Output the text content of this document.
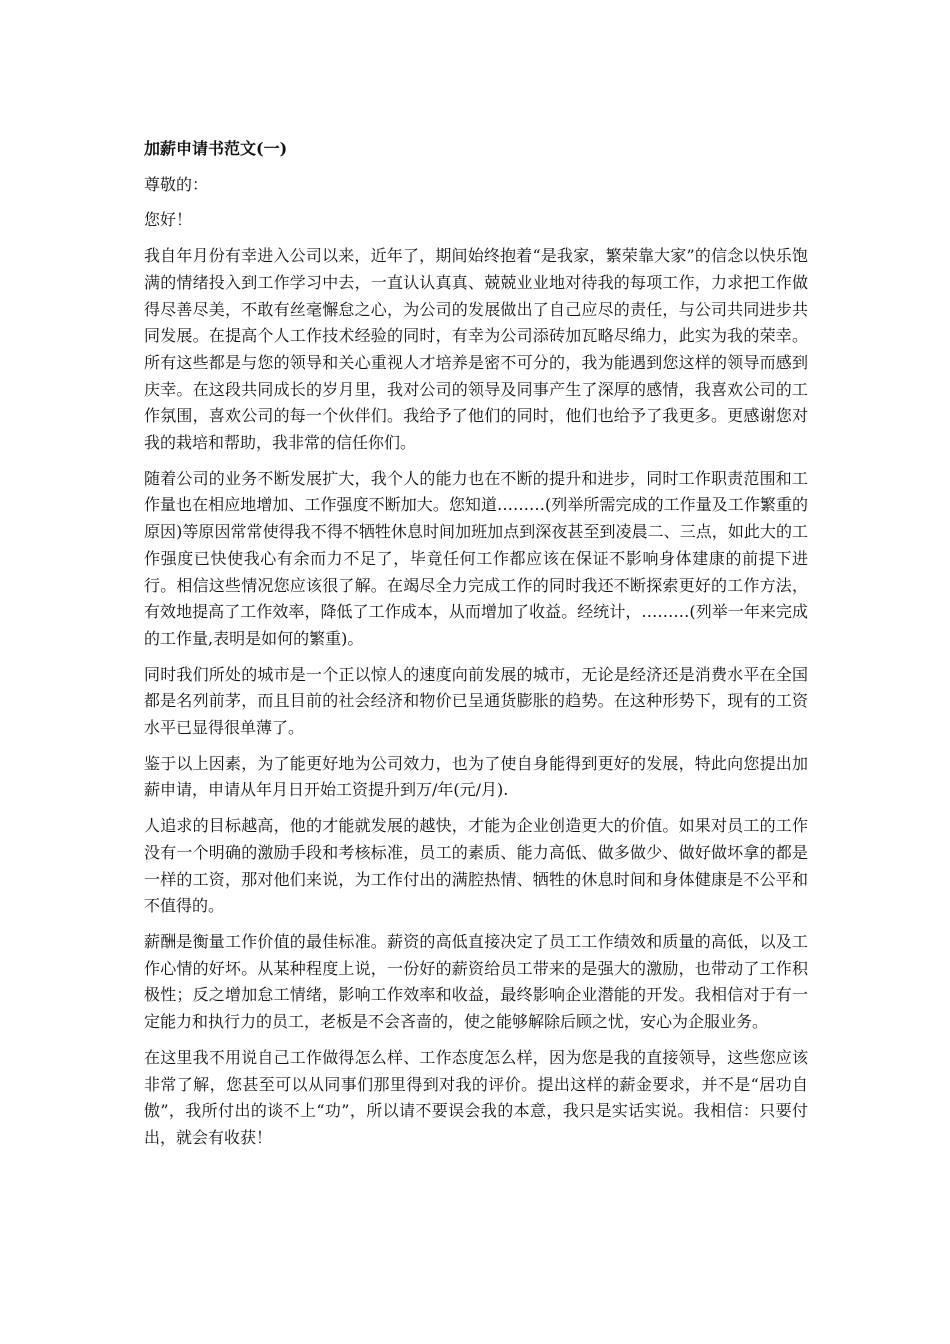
加薪申请书范文(一)

尊敬的：

您好！

我自年月份有幸进入公司以来，近年了，期间始终抱着“是我家，繁荣靠大家”的信念以快乐饱满的情绪投入到工作学习中去，一直认认真真、兢兢业业地对待我的每项工作，力求把工作做得尽善尽美，不敢有丝毫懈怠之心，为公司的发展做出了自己应尽的责任，与公司共同进步共同发展。在提高个人工作技术经验的同时，有幸为公司添砖加瓦略尽绵力，此实为我的荣幸。所有这些都是与您的领导和关心重视人才培养是密不可分的，我为能遇到您这样的领导而感到庆幸。在这段共同成长的岁月里，我对公司的领导及同事产生了深厚的感情，我喜欢公司的工作氛围，喜欢公司的每一个伙伴们。我给予了他们的同时，他们也给予了我更多。更感谢您对我的栽培和帮助，我非常的信任你们。

随着公司的业务不断发展扩大，我个人的能力也在不断的提升和进步，同时工作职责范围和工作量也在相应地增加、工作强度不断加大。您知道………(列举所需完成的工作量及工作繁重的原因)等原因常常使得我不得不牺牲休息时间加班加点到深夜甚至到凌晨二、三点，如此大的工作强度已快使我心有余而力不足了，毕竟任何工作都应该在保证不影响身体建康的前提下进行。相信这些情况您应该很了解。在竭尽全力完成工作的同时我还不断探索更好的工作方法，有效地提高了工作效率，降低了工作成本，从而增加了收益。经统计，………(列举一年来完成的工作量,表明是如何的繁重)。

同时我们所处的城市是一个正以惊人的速度向前发展的城市，无论是经济还是消费水平在全国都是名列前茅，而且目前的社会经济和物价已呈通货膨胀的趋势。在这种形势下，现有的工资水平已显得很单薄了。

鉴于以上因素，为了能更好地为公司效力，也为了使自身能得到更好的发展，特此向您提出加薪申请，申请从年月日开始工资提升到万/年(元/月).

人追求的目标越高，他的才能就发展的越快，才能为企业创造更大的价值。如果对员工的工作没有一个明确的激励手段和考核标准，员工的素质、能力高低、做多做少、做好做坏拿的都是一样的工资，那对他们来说，为工作付出的满腔热情、牺牲的休息时间和身体健康是不公平和不值得的。

薪酬是衡量工作价值的最佳标准。薪资的高低直接决定了员工工作绩效和质量的高低，以及工作心情的好坏。从某种程度上说，一份好的薪资给员工带来的是强大的激励，也带动了工作积极性；反之增加怠工情绪，影响工作效率和收益，最终影响企业潜能的开发。我相信对于有一定能力和执行力的员工，老板是不会吝啬的，使之能够解除后顾之忧，安心为企服业务。

在这里我不用说自己工作做得怎么样、工作态度怎么样，因为您是我的直接领导，这些您应该非常了解，您甚至可以从同事们那里得到对我的评价。提出这样的薪金要求，并不是“居功自傲”，我所付出的谈不上“功”，所以请不要误会我的本意，我只是实话实说。我相信：只要付出，就会有收获！
